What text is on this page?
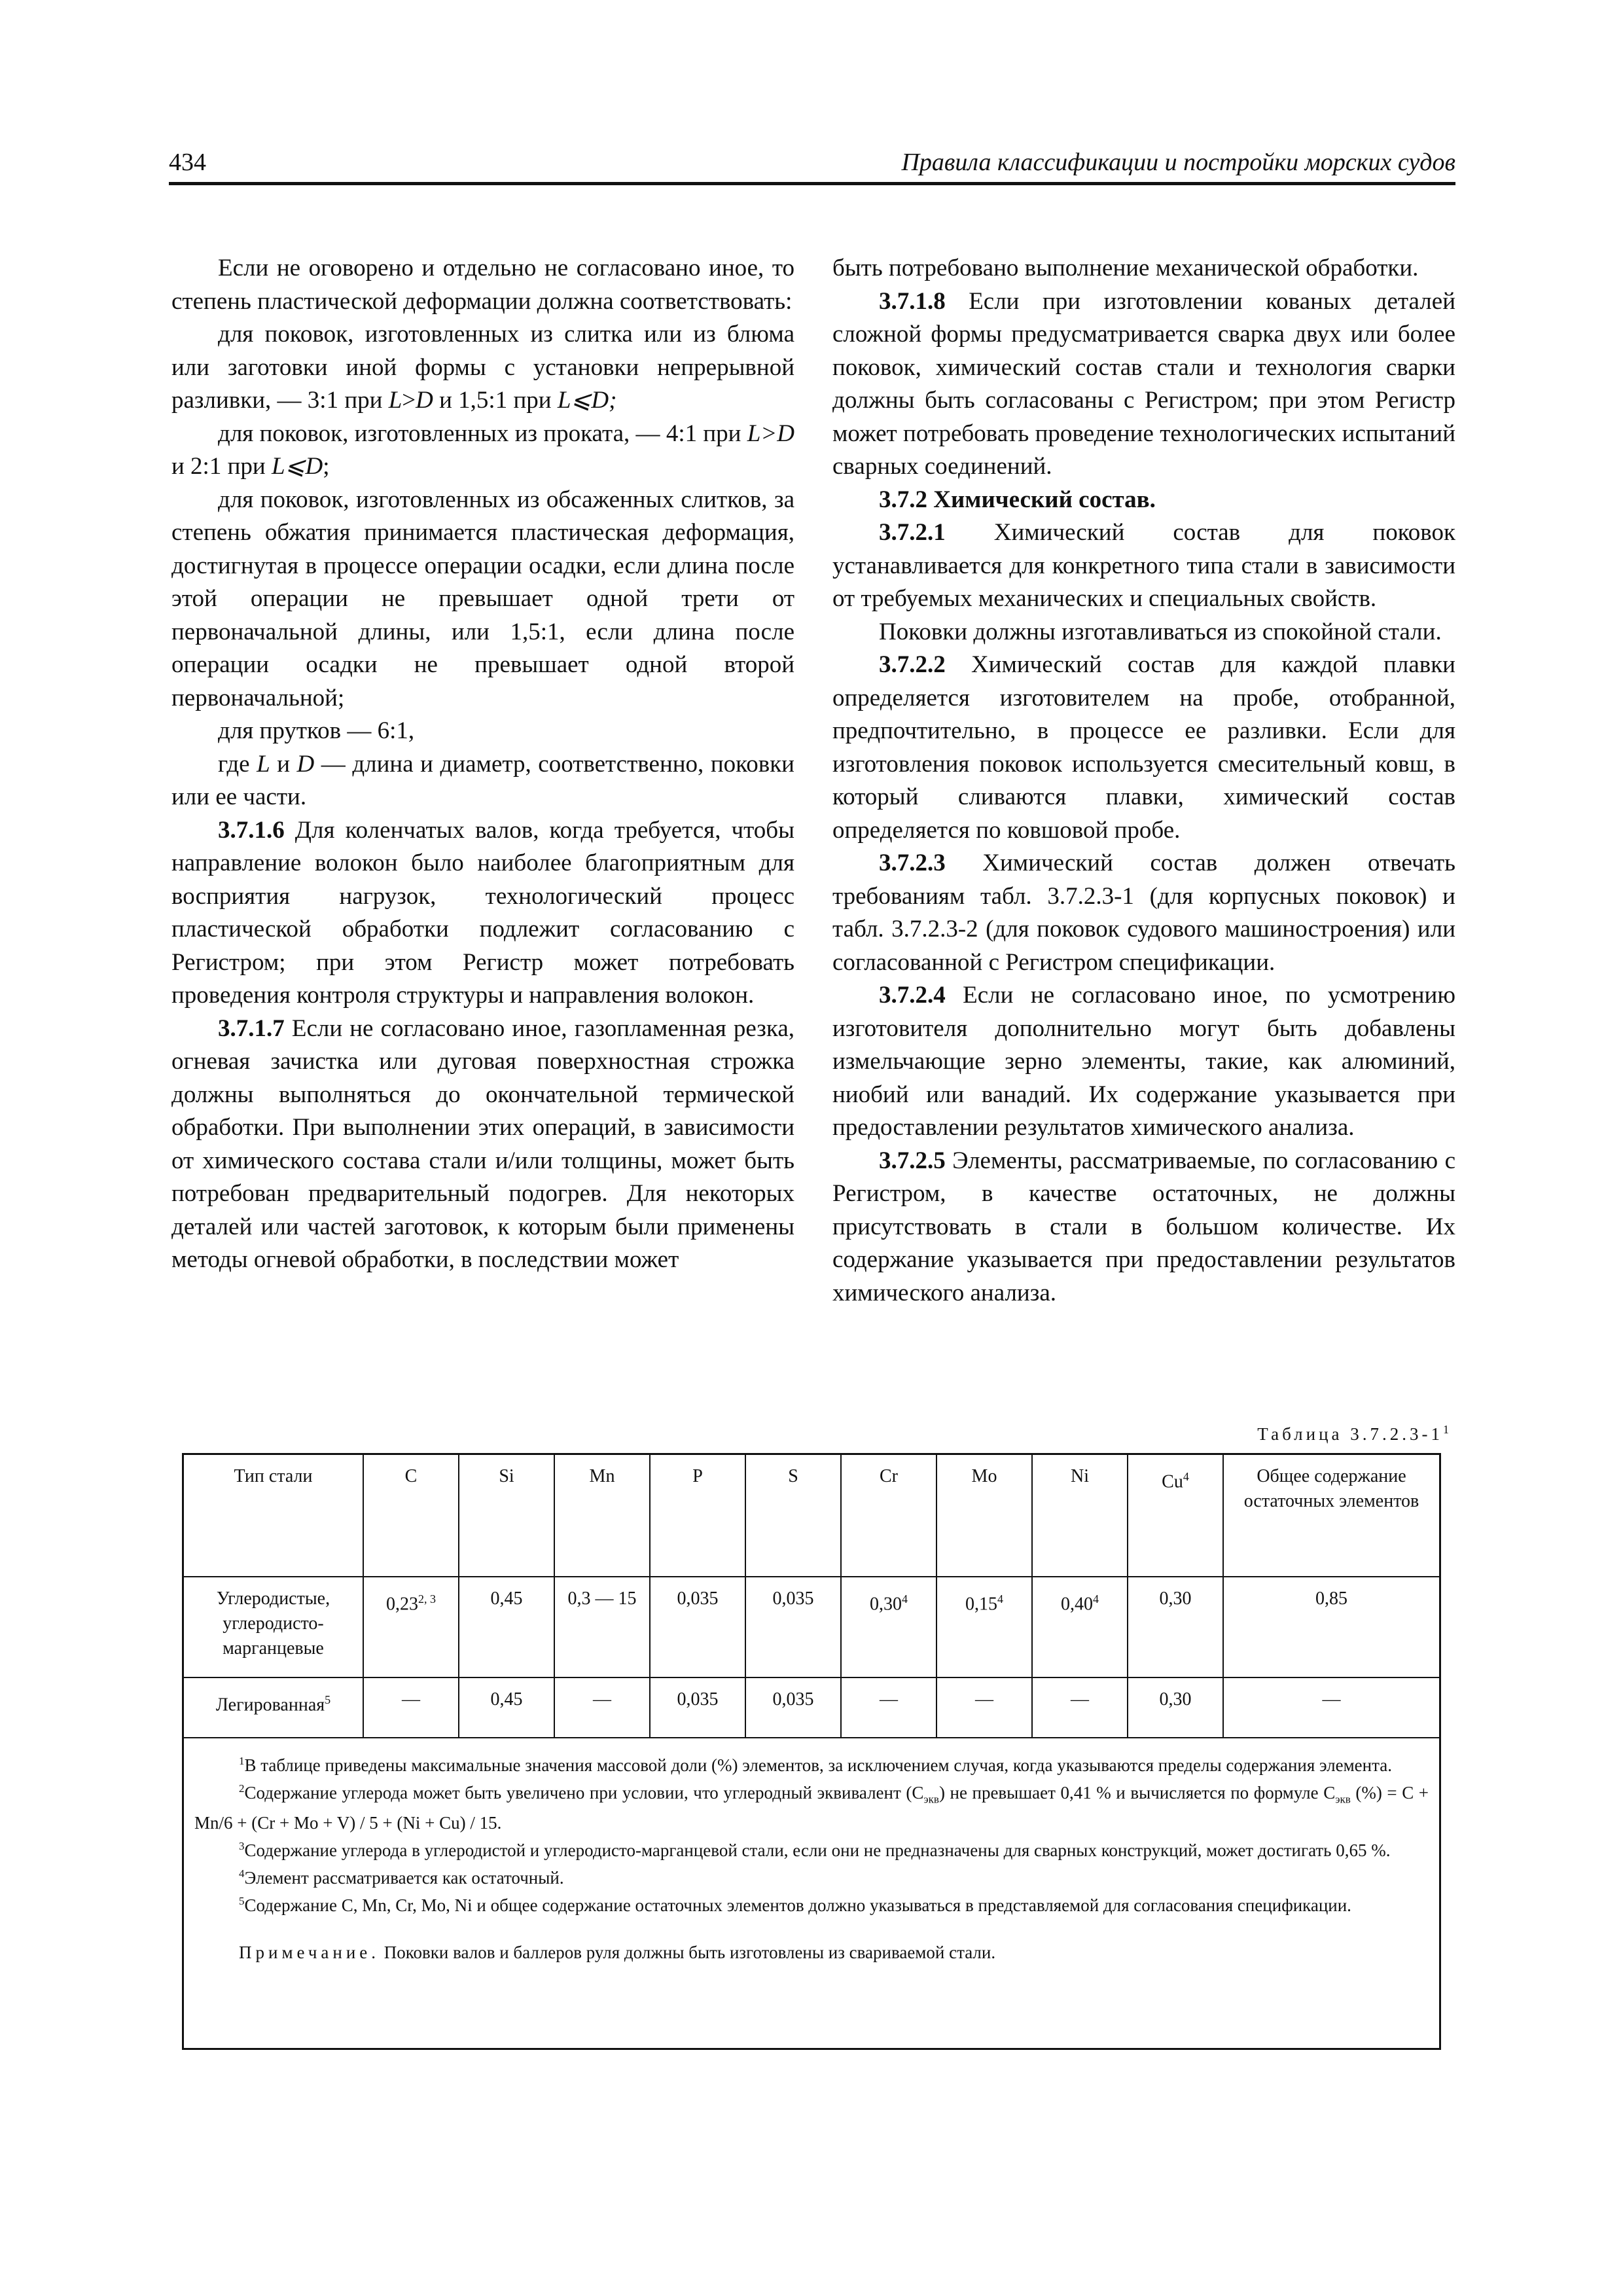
434	Правила классификации и постройки морских судов

Если не оговорено и отдельно не согласовано иное, то степень пластической деформации должна соответствовать:

для поковок, изготовленных из слитка или из блюма или заготовки иной формы с установки непрерывной разливки, — 3:1 при L>D и 1,5:1 при L⩽D;

для поковок, изготовленных из проката, — 4:1 при L>D и 2:1 при L⩽D;

для поковок, изготовленных из обсаженных слитков, за степень обжатия принимается пластическая деформация, достигнутая в процессе операции осадки, если длина после этой операции не превышает одной трети от первоначальной длины, или 1,5:1, если длина после операции осадки не превышает одной второй первоначальной;

для прутков — 6:1,

где L и D — длина и диаметр, соответственно, поковки или ее части.

3.7.1.6 Для коленчатых валов, когда требуется, чтобы направление волокон было наиболее благоприятным для восприятия нагрузок, технологический процесс пластической обработки подлежит согласованию с Регистром; при этом Регистр может потребовать проведения контроля структуры и направления волокон.

3.7.1.7 Если не согласовано иное, газопламенная резка, огневая зачистка или дуговая поверхностная строжка должны выполняться до окончательной термической обработки. При выполнении этих операций, в зависимости от химического состава стали и/или толщины, может быть потребован предварительный подогрев. Для некоторых деталей или частей заготовок, к которым были применены методы огневой обработки, в последствии может

быть потребовано выполнение механической обработки.

3.7.1.8 Если при изготовлении кованых деталей сложной формы предусматривается сварка двух или более поковок, химический состав стали и технология сварки должны быть согласованы с Регистром; при этом Регистр может потребовать проведение технологических испытаний сварных соединений.

3.7.2 Химический состав.

3.7.2.1 Химический состав для поковок устанавливается для конкретного типа стали в зависимости от требуемых механических и специальных свойств.

Поковки должны изготавливаться из спокойной стали.

3.7.2.2 Химический состав для каждой плавки определяется изготовителем на пробе, отобранной, предпочтительно, в процессе ее разливки. Если для изготовления поковок используется смесительный ковш, в который сливаются плавки, химический состав определяется по ковшовой пробе.

3.7.2.3 Химический состав должен отвечать требованиям табл. 3.7.2.3-1 (для корпусных поковок) и табл. 3.7.2.3-2 (для поковок судового машиностроения) или согласованной с Регистром спецификации.

3.7.2.4 Если не согласовано иное, по усмотрению изготовителя дополнительно могут быть добавлены измельчающие зерно элементы, такие, как алюминий, ниобий или ванадий. Их содержание указывается при предоставлении результатов химического анализа.

3.7.2.5 Элементы, рассматриваемые, по согласованию с Регистром, в качестве остаточных, не должны присутствовать в стали в большом количестве. Их содержание указывается при предоставлении результатов химического анализа.

Таблица $3.7.2.3-1^1$
Тип стали	C	Si	Mn	P	S	Cr	Mo	Ni	Cu$^4$	Общее содержание остаточных элементов
Углеродистые, углеродисто-марганцевые	0,23$^{2, 3}$	0,45	0,3 — 15	0,035	0,035	0,30$^4$	0,15$^4$	0,40$^4$	0,30	0,85
Легированная$^5$	—	0,45	—	0,035	0,035	—	—	—	0,30	—

$^1$В таблице приведены максимальные значения массовой доли (%) элементов, за исключением случая, когда указываются пределы содержания элемента.

$^2$Содержание углерода может быть увеличено при условии, что углеродный эквивалент $(C_{экв})$ не превышает 0,41 % и вычисляется по формуле $C_{экв}$ (%) = C + Mn/6 + (Cr + Mo + V) / 5 + (Ni + Cu) / 15.

$^3$Содержание углерода в углеродистой и углеродисто-марганцевой стали, если они не предназначены для сварных конструкций, может достигать 0,65 %.

$^4$Элемент рассматривается как остаточный.

$^5$Содержание C, Mn, Cr, Mo, Ni и общее содержание остаточных элементов должно указываться в представляемой для согласования спецификации.

Примечание. Поковки валов и баллеров руля должны быть изготовлены из свариваемой стали.
